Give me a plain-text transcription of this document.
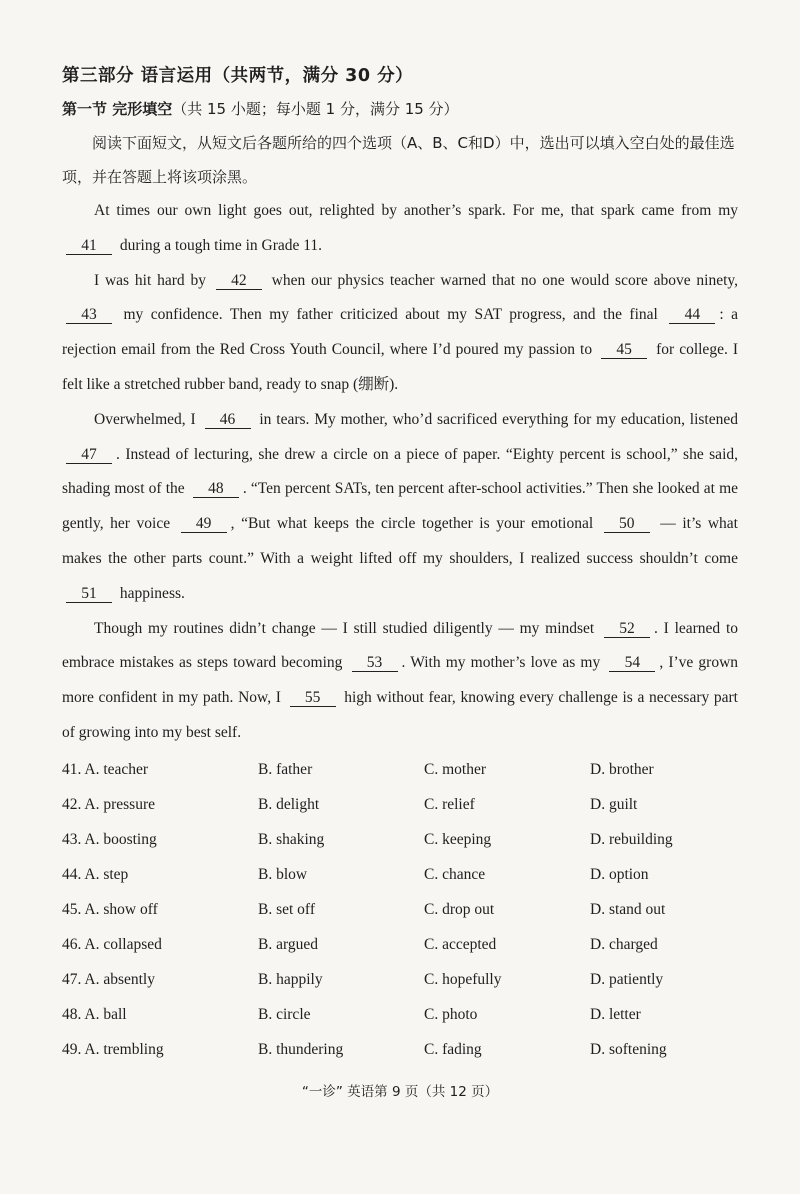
第三部分 语言运用（共两节，满分 30 分）
第一节 完形填空（共 15 小题；每小题 1 分，满分 15 分）
阅读下面短文，从短文后各题所给的四个选项（A、B、C和D）中，选出可以填入空白处的最佳选项，并在答题上将该项涂黑。

At times our own light goes out, relighted by another’s spark. For me, that spark came from my 41 during a tough time in Grade 11.

I was hit hard by 42 when our physics teacher warned that no one would score above ninety, 43 my confidence. Then my father criticized about my SAT progress, and the final 44 : a rejection email from the Red Cross Youth Council, where I’d poured my passion to 45 for college. I felt like a stretched rubber band, ready to snap (绷断).

Overwhelmed, I 46 in tears. My mother, who’d sacrificed everything for my education, listened 47 . Instead of lecturing, she drew a circle on a piece of paper. “Eighty percent is school,” she said, shading most of the 48 . “Ten percent SATs, ten percent after-school activities.” Then she looked at me gently, her voice 49 , “But what keeps the circle together is your emotional 50 — it’s what makes the other parts count.” With a weight lifted off my shoulders, I realized success shouldn’t come 51 happiness.

Though my routines didn’t change — I still studied diligently — my mindset 52 . I learned to embrace mistakes as steps toward becoming 53 . With my mother’s love as my 54 , I’ve grown more confident in my path. Now, I 55 high without fear, knowing every challenge is a necessary part of growing into my best self.

41. A. teacher	B. father	C. mother	D. brother
42. A. pressure	B. delight	C. relief	D. guilt
43. A. boosting	B. shaking	C. keeping	D. rebuilding
44. A. step	B. blow	C. chance	D. option
45. A. show off	B. set off	C. drop out	D. stand out
46. A. collapsed	B. argued	C. accepted	D. charged
47. A. absently	B. happily	C. hopefully	D. patiently
48. A. ball	B. circle	C. photo	D. letter
49. A. trembling	B. thundering	C. fading	D. softening
“一诊” 英语第 9 页（共 12 页）
